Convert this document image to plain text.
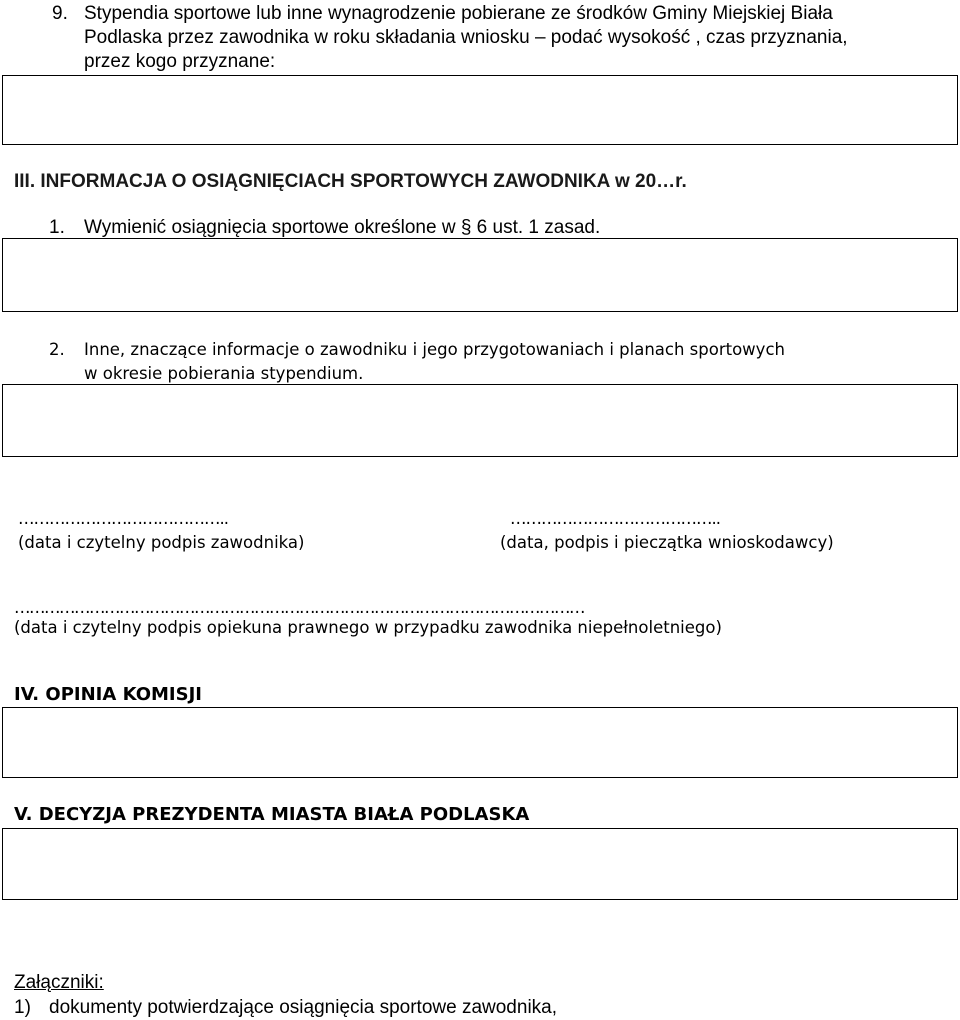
9. Stypendia sportowe lub inne wynagrodzenie pobierane ze środków Gminy Miejskiej Biała
Podlaska przez zawodnika w roku składania wniosku – podać wysokość , czas przyznania,
przez kogo przyznane:
III. INFORMACJA O OSIĄGNIĘCIACH SPORTOWYCH ZAWODNIKA w 20…r.
1. Wymienić osiągnięcia sportowe określone w § 6 ust. 1 zasad.
2. Inne, znaczące informacje o zawodniku i jego przygotowaniach i planach sportowych
w okresie pobierania stypendium.
…………………………………..	…………………………………..
(data i czytelny podpis zawodnika)	(data, podpis i pieczątka wnioskodawcy)
……………………………………………………………………………………………………
(data i czytelny podpis opiekuna prawnego w przypadku zawodnika niepełnoletniego)
IV. OPINIA KOMISJI
V. DECYZJA PREZYDENTA MIASTA BIAŁA PODLASKA
Załączniki:
1) dokumenty potwierdzające osiągnięcia sportowe zawodnika,
